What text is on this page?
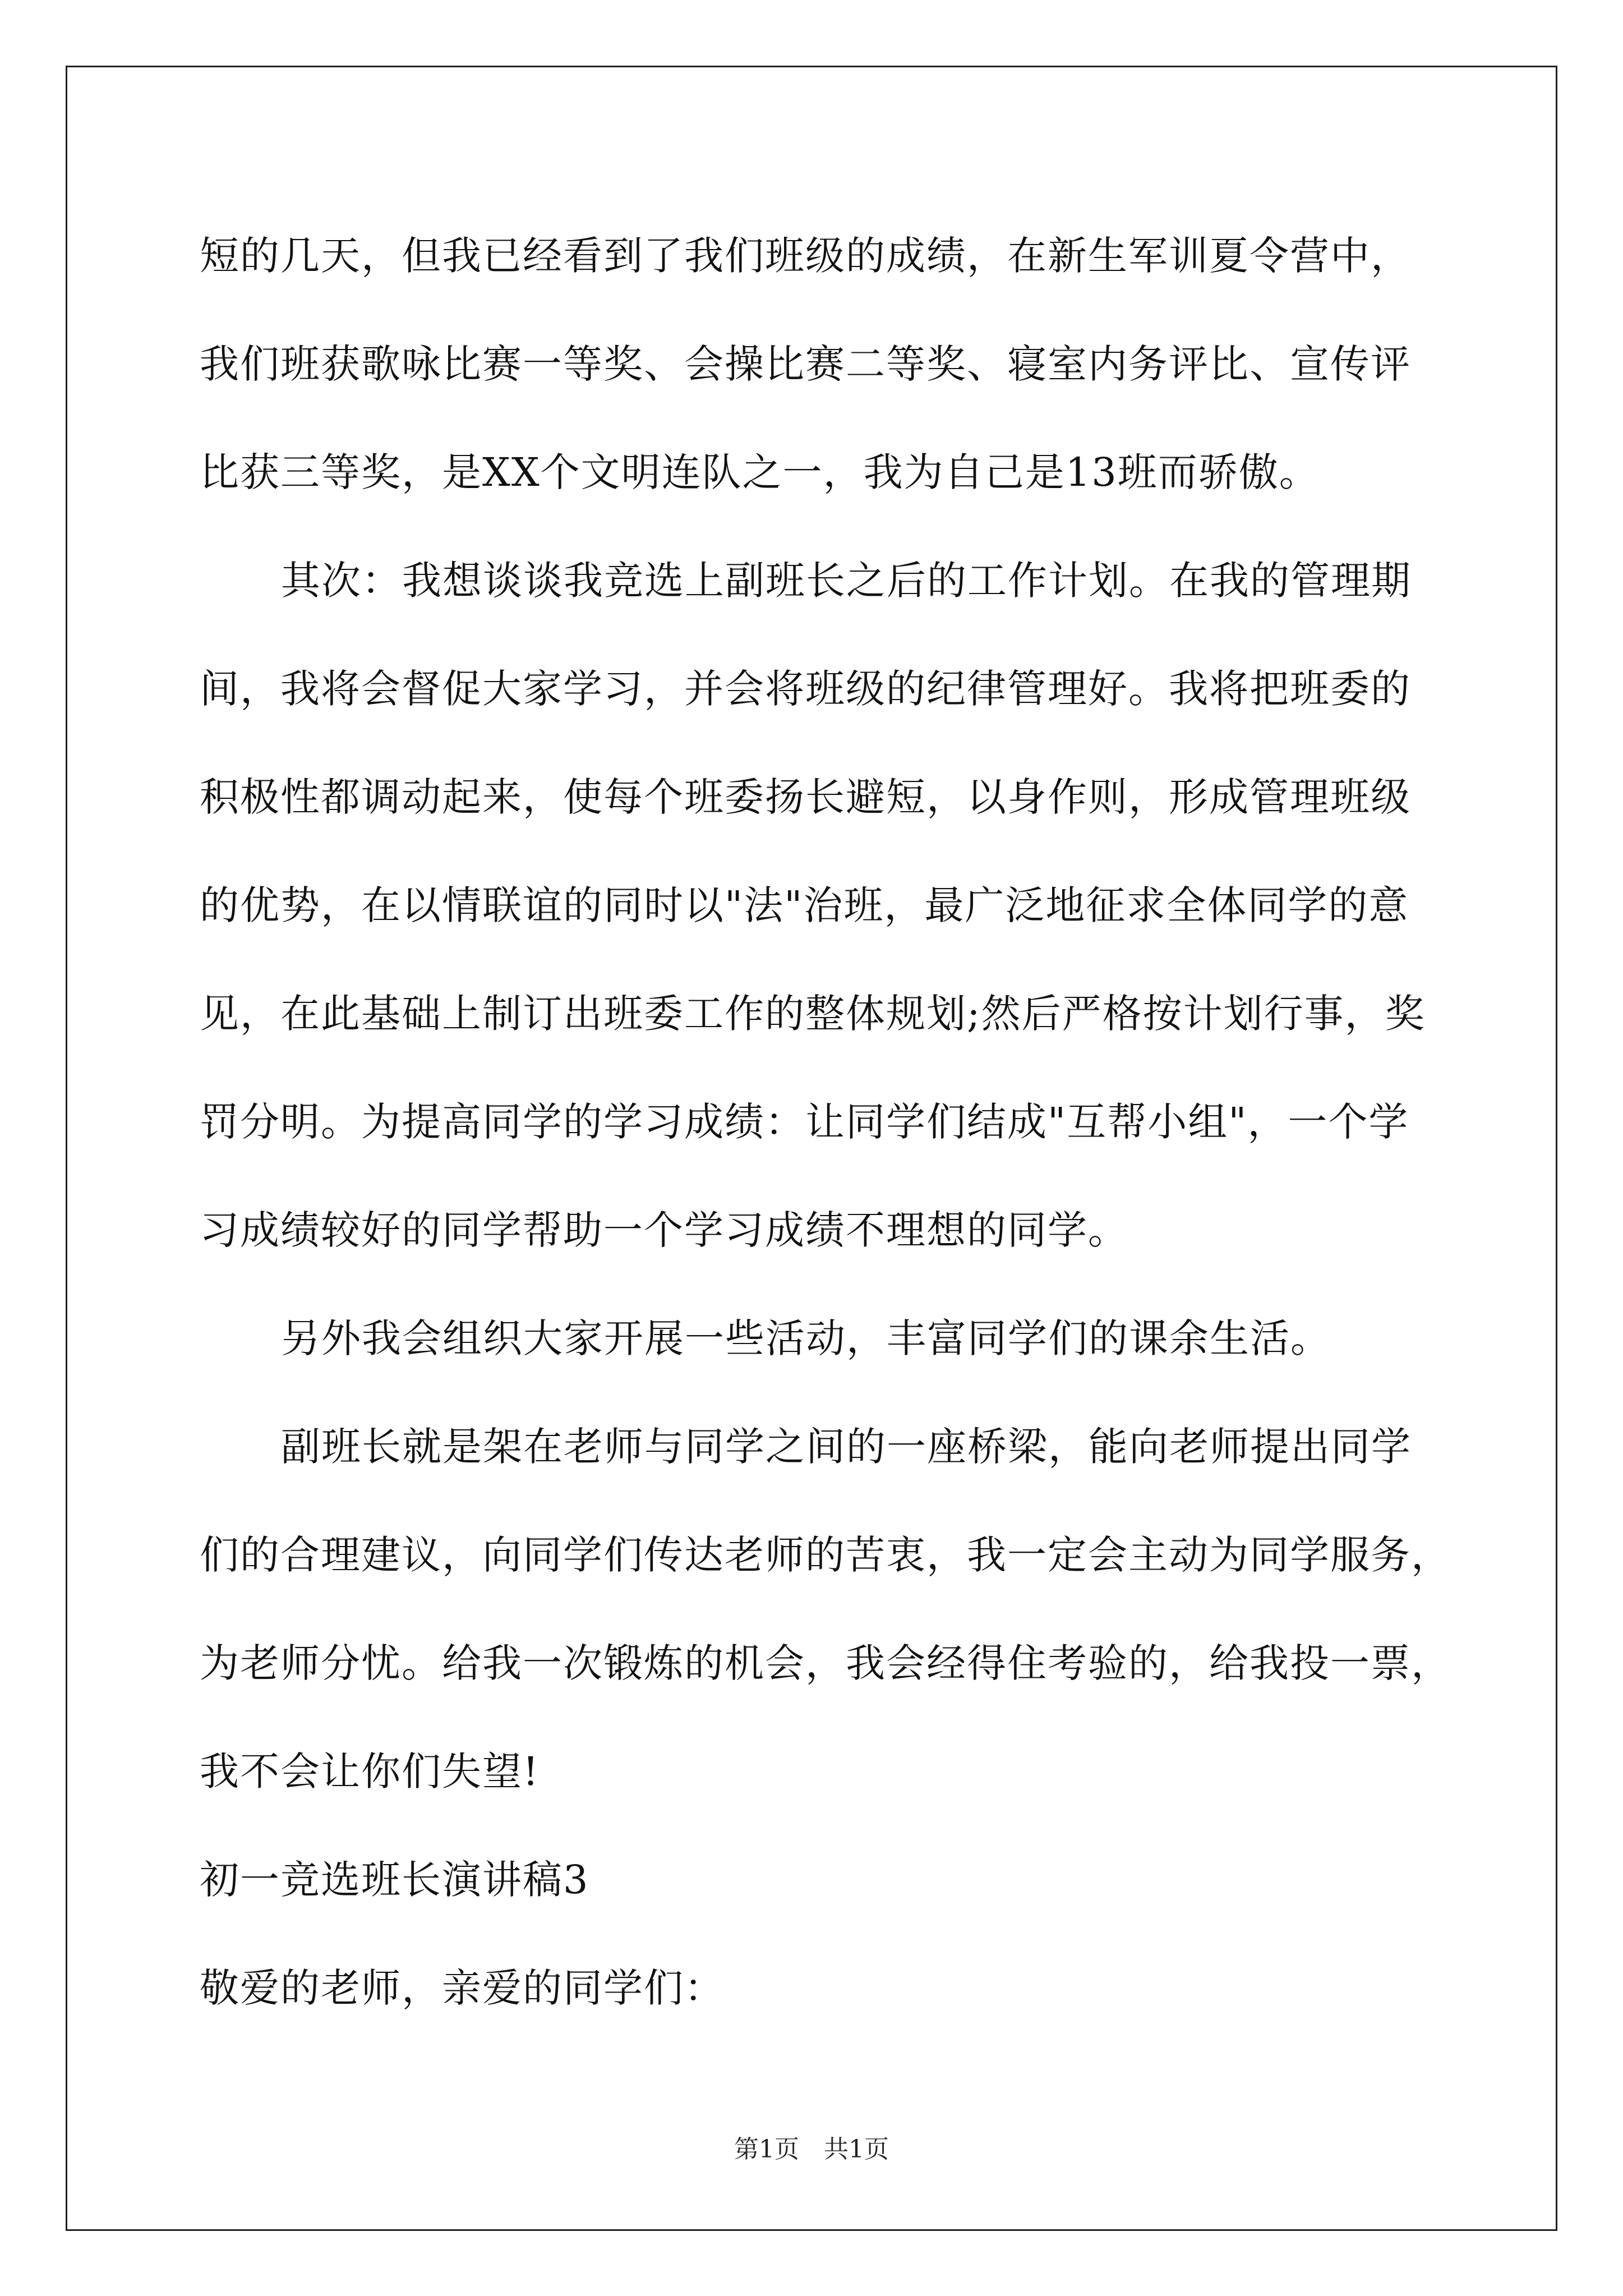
短的几天，但我已经看到了我们班级的成绩，在新生军训夏令营中，

我们班获歌咏比赛一等奖、会操比赛二等奖、寝室内务评比、宣传评

比获三等奖，是XX个文明连队之一，我为自己是13班而骄傲。

其次：我想谈谈我竞选上副班长之后的工作计划。在我的管理期

间，我将会督促大家学习，并会将班级的纪律管理好。我将把班委的

积极性都调动起来，使每个班委扬长避短，以身作则，形成管理班级

的优势，在以情联谊的同时以"法"治班，最广泛地征求全体同学的意

见，在此基础上制订出班委工作的整体规划;然后严格按计划行事，奖

罚分明。为提高同学的学习成绩：让同学们结成"互帮小组"，一个学

习成绩较好的同学帮助一个学习成绩不理想的同学。

另外我会组织大家开展一些活动，丰富同学们的课余生活。

副班长就是架在老师与同学之间的一座桥梁，能向老师提出同学

们的合理建议，向同学们传达老师的苦衷，我一定会主动为同学服务，

为老师分忧。给我一次锻炼的机会，我会经得住考验的，给我投一票，

我不会让你们失望!

初一竞选班长演讲稿3

敬爱的老师，亲爱的同学们：

第1页　共1页
